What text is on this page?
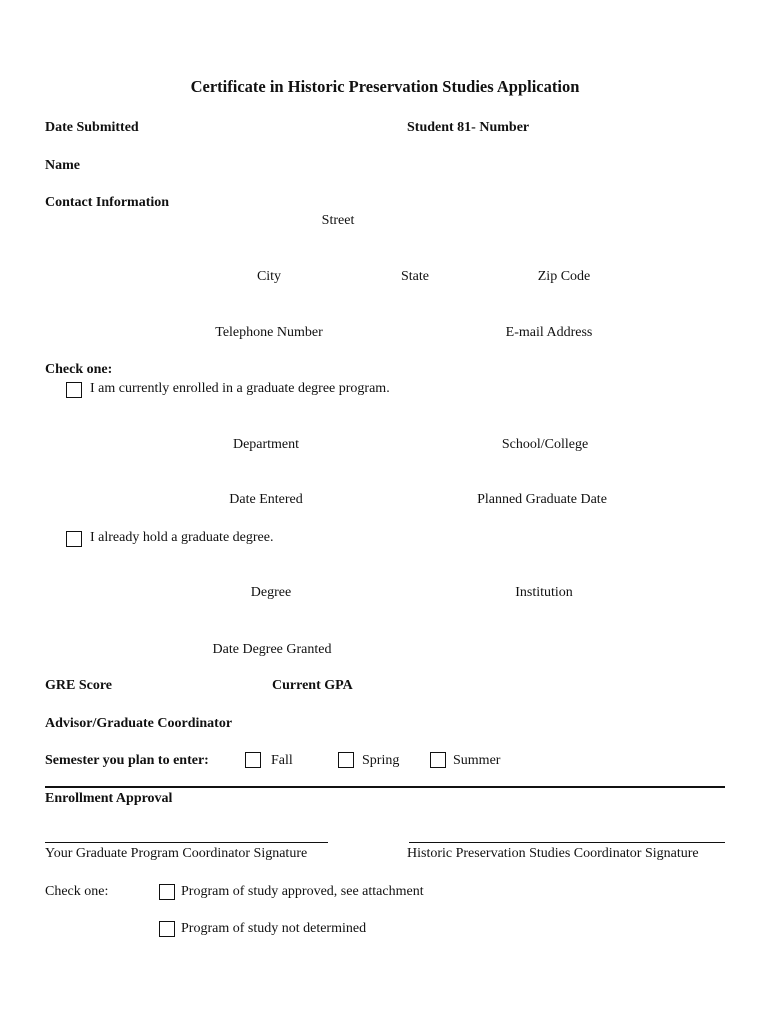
Certificate in Historic Preservation Studies Application
Date Submitted	Student 81- Number
Name
Contact Information
Street
City	State	Zip Code
Telephone Number	E-mail Address
Check one:
I am currently enrolled in a graduate degree program.
Department	School/College
Date Entered	Planned Graduate Date
I already hold a graduate degree.
Degree	Institution
Date Degree Granted
GRE Score	Current GPA
Advisor/Graduate Coordinator
Semester you plan to enter:	Fall	Spring	Summer
Enrollment Approval
Your Graduate Program Coordinator Signature	Historic Preservation Studies Coordinator Signature
Check one:	Program of study approved, see attachment
Program of study not determined
